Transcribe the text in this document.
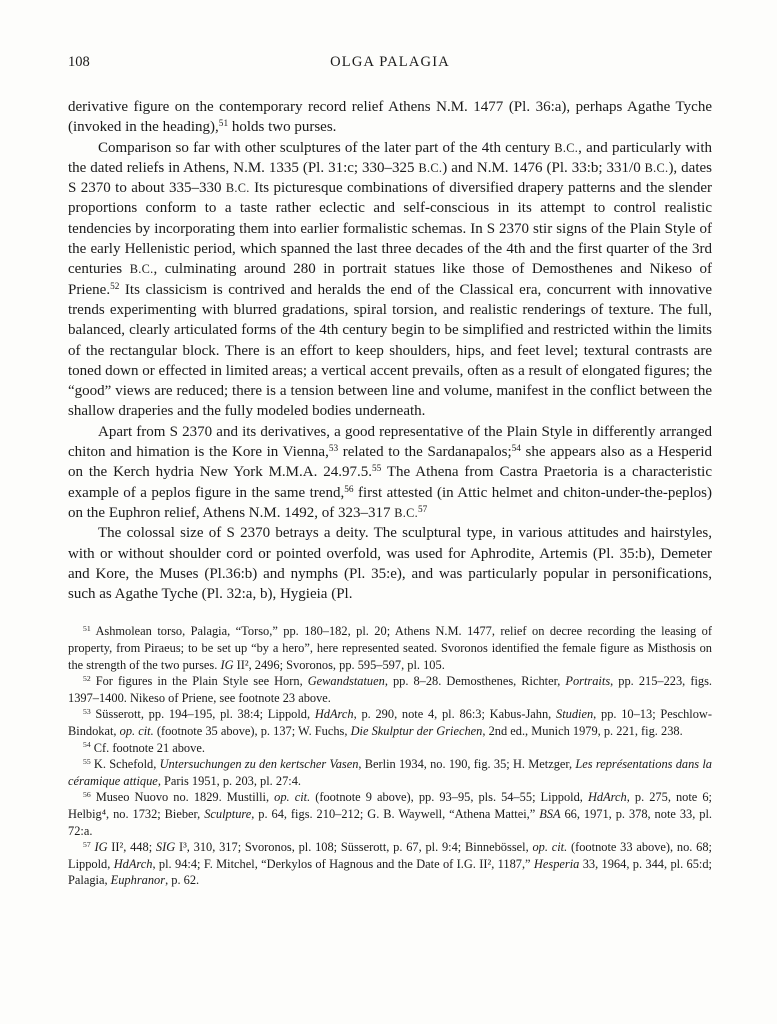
108	OLGA PALAGIA

derivative figure on the contemporary record relief Athens N.M. 1477 (Pl. 36:a), perhaps Agathe Tyche (invoked in the heading),$^{51}$ holds two purses.

Comparison so far with other sculptures of the later part of the 4th century B.C., and particularly with the dated reliefs in Athens, N.M. 1335 (Pl. 31:c; 330–325 B.C.) and N.M. 1476 (Pl. 33:b; 331/0 B.C.), dates S 2370 to about 335–330 B.C. Its picturesque combinations of diversified drapery patterns and the slender proportions conform to a taste rather eclectic and self-conscious in its attempt to control realistic tendencies by incorporating them into earlier formalistic schemas. In S 2370 stir signs of the Plain Style of the early Hellenistic period, which spanned the last three decades of the 4th and the first quarter of the 3rd centuries B.C., culminating around 280 in portrait statues like those of Demosthenes and Nikeso of Priene.$^{52}$ Its classicism is contrived and heralds the end of the Classical era, concurrent with innovative trends experimenting with blurred gradations, spiral torsion, and realistic renderings of texture. The full, balanced, clearly articulated forms of the 4th century begin to be simplified and restricted within the limits of the rectangular block. There is an effort to keep shoulders, hips, and feet level; textural contrasts are toned down or effected in limited areas; a vertical accent prevails, often as a result of elongated figures; the “good” views are reduced; there is a tension between line and volume, manifest in the conflict between the shallow draperies and the fully modeled bodies underneath.

Apart from S 2370 and its derivatives, a good representative of the Plain Style in differently arranged chiton and himation is the Kore in Vienna,$^{53}$ related to the Sardanapalos;$^{54}$ she appears also as a Hesperid on the Kerch hydria New York M.M.A. 24.97.5.55 The Athena from Castra Praetoria is a characteristic example of a peplos figure in the same trend,$^{56}$ first attested (in Attic helmet and chiton-under-the-peplos) on the Euphron relief, Athens N.M. 1492, of 323–317 B.C.$^{57}$

The colossal size of S 2370 betrays a deity. The sculptural type, in various attitudes and hairstyles, with or without shoulder cord or pointed overfold, was used for Aphrodite, Artemis (Pl. 35:b), Demeter and Kore, the Muses (Pl.36:b) and nymphs (Pl. 35:e), and was particularly popular in personifications, such as Agathe Tyche (Pl. 32:a, b), Hygieia (Pl.

$^{51}$ Ashmolean torso, Palagia, “Torso,” pp. 180–182, pl. 20; Athens N.M. 1477, relief on decree recording the leasing of property, from Piraeus; to be set up “by a hero”, here represented seated. Svoronos identified the female figure as Misthosis on the strength of the two purses. IG II², 2496; Svoronos, pp. 595–597, pl. 105.

$^{52}$ For figures in the Plain Style see Horn, Gewandstatuen, pp. 8–28. Demosthenes, Richter, Portraits, pp. 215–223, figs. 1397–1400. Nikeso of Priene, see footnote 23 above.

$^{53}$ Süsserott, pp. 194–195, pl. 38:4; Lippold, HdArch, p. 290, note 4, pl. 86:3; Kabus-Jahn, Studien, pp. 10–13; Peschlow-Bindokat, op. cit. (footnote 35 above), p. 137; W. Fuchs, Die Skulptur der Griechen, 2nd ed., Munich 1979, p. 221, fig. 238.

$^{54}$ Cf. footnote 21 above.

$^{55}$ K. Schefold, Untersuchungen zu den kertscher Vasen, Berlin 1934, no. 190, fig. 35; H. Metzger, Les représentations dans la céramique attique, Paris 1951, p. 203, pl. 27:4.

$^{56}$ Museo Nuovo no. 1829. Mustilli, op. cit. (footnote 9 above), pp. 93–95, pls. 54–55; Lippold, HdArch, p. 275, note 6; Helbig⁴, no. 1732; Bieber, Sculpture, p. 64, figs. 210–212; G. B. Waywell, “Athena Mattei,” BSA 66, 1971, p. 378, note 33, pl. 72:a.

$^{57}$ IG II², 448; SIG I³, 310, 317; Svoronos, pl. 108; Süsserott, p. 67, pl. 9:4; Binnebössel, op. cit. (footnote 33 above), no. 68; Lippold, HdArch, pl. 94:4; F. Mitchel, “Derkylos of Hagnous and the Date of I.G. II², 1187,” Hesperia 33, 1964, p. 344, pl. 65:d; Palagia, Euphranor, p. 62.
